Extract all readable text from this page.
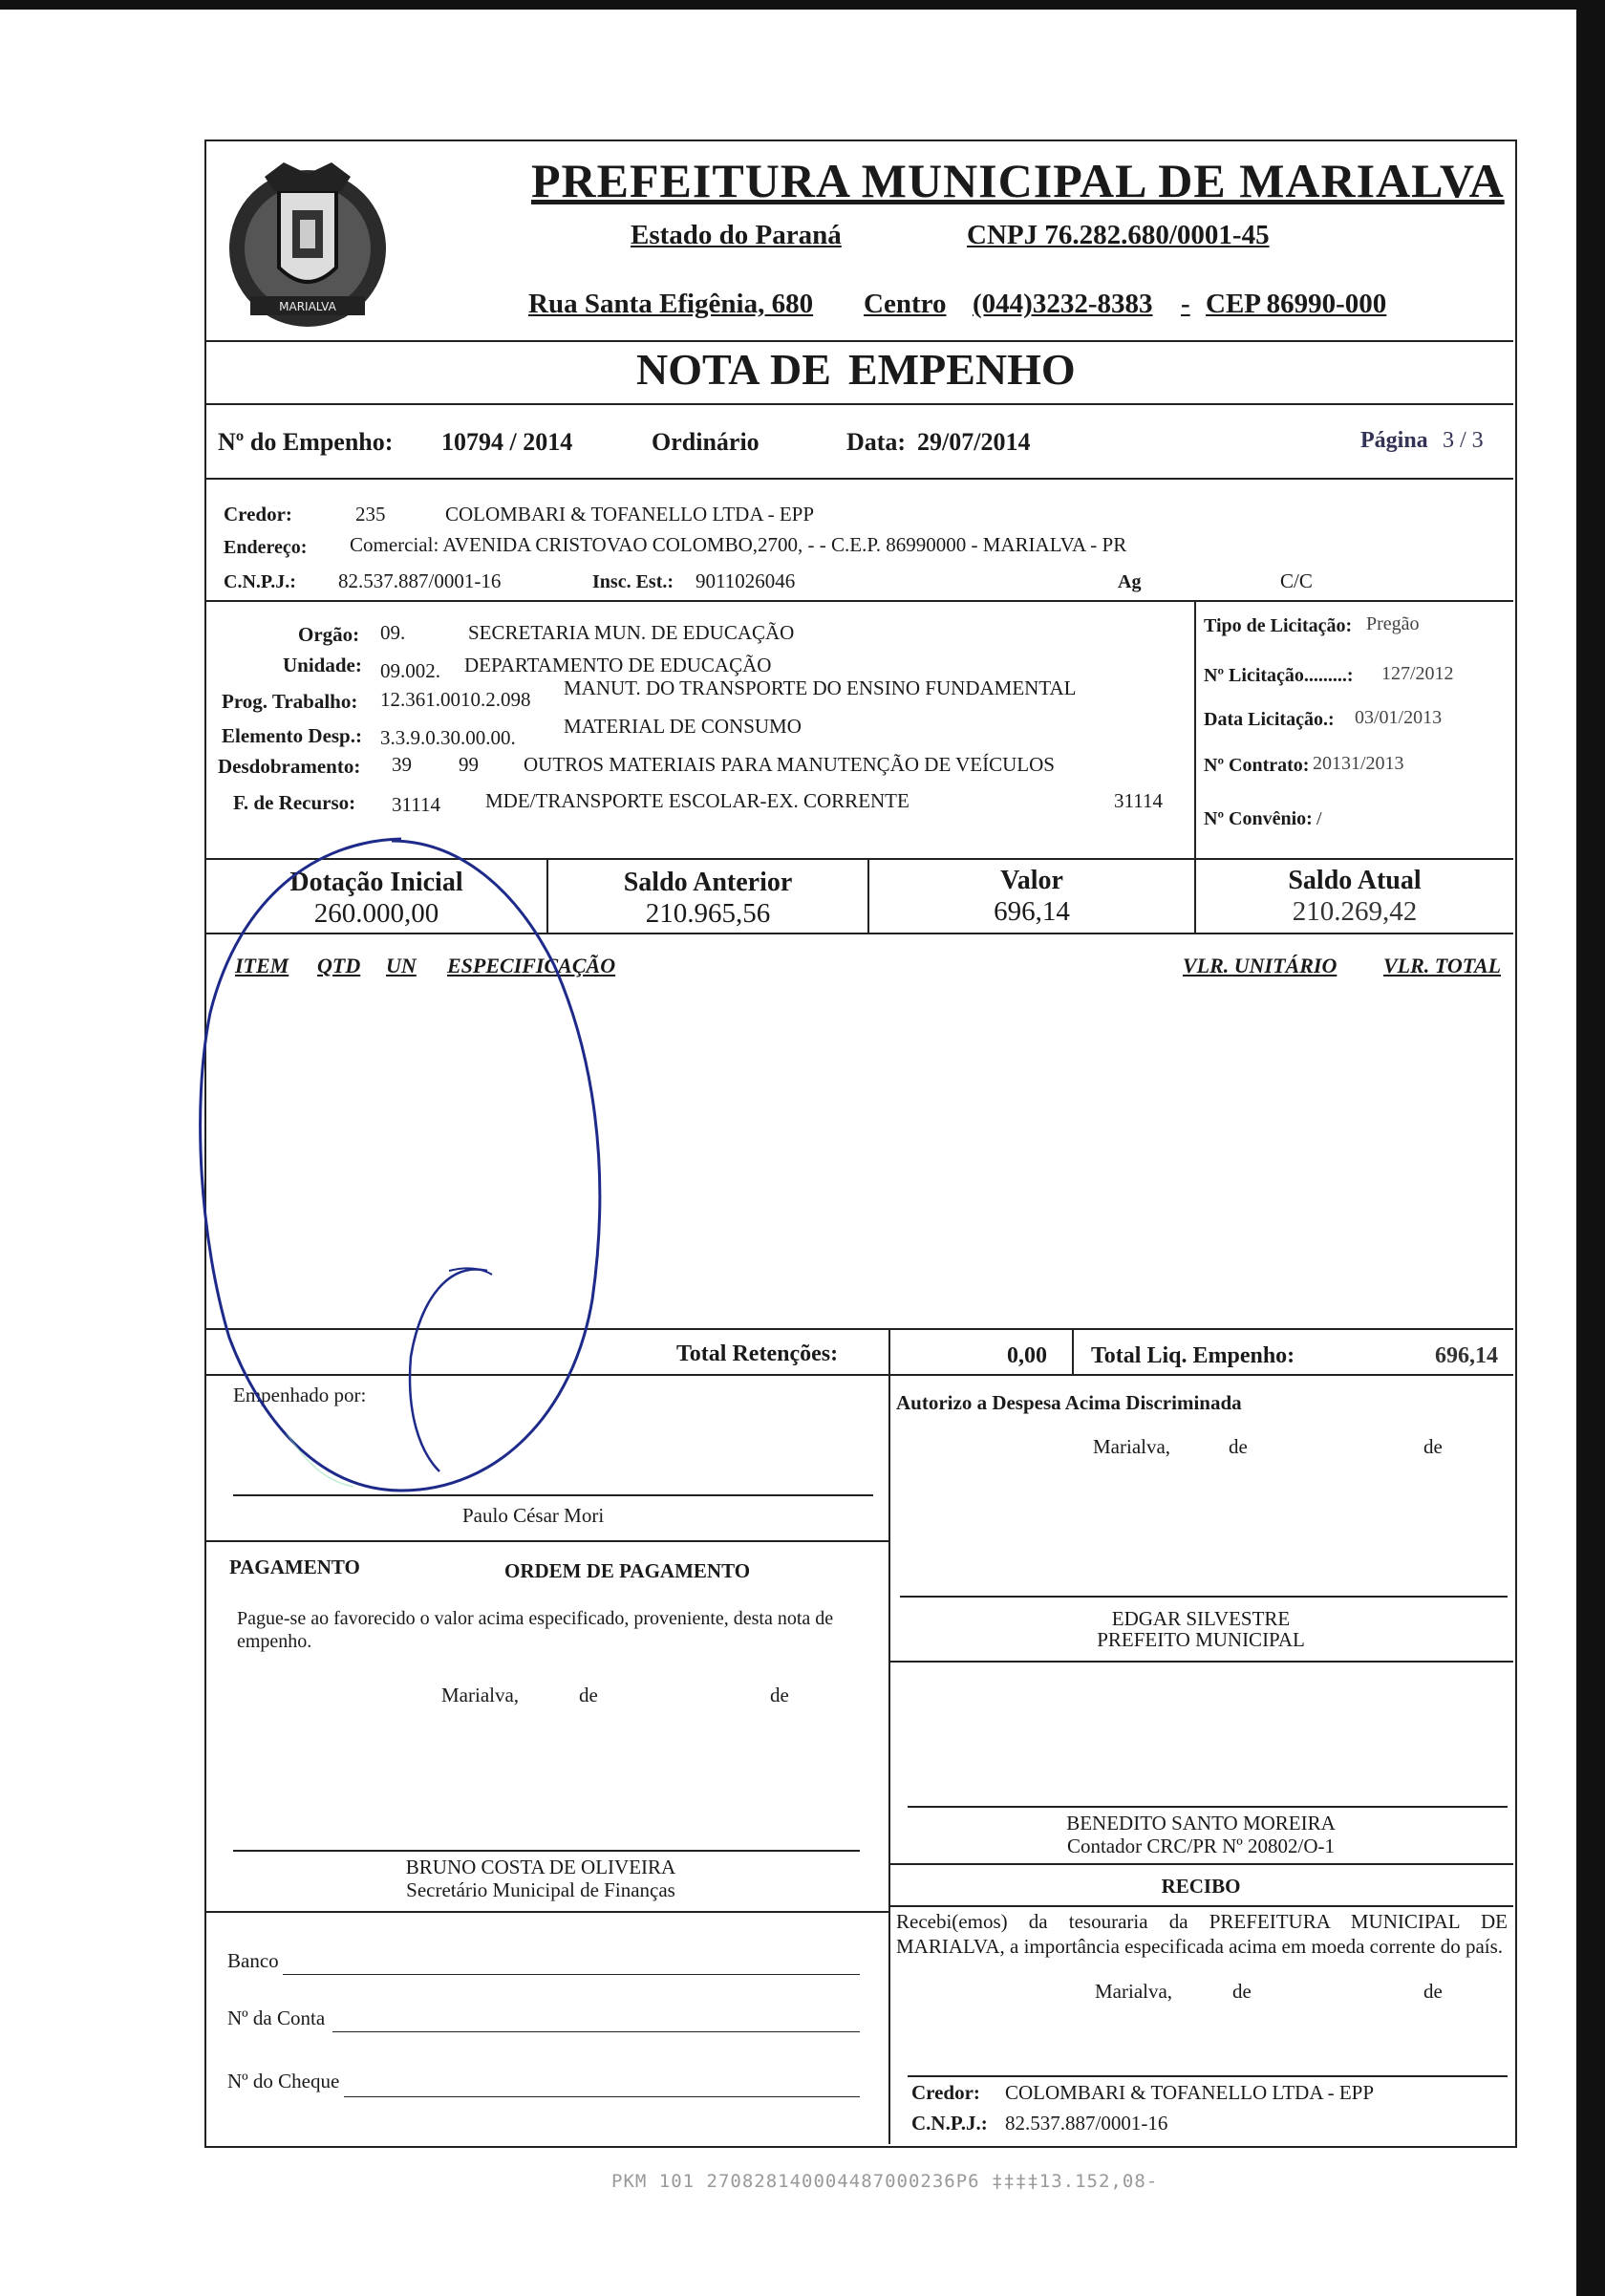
MARIALVA
PREFEITURA MUNICIPAL DE MARIALVA
Estado do Paraná	CNPJ 76.282.680/0001-45
Rua Santa Efigênia, 680 Centro (044)3232-8383 - CEP 86990-000
NOTA DE EMPENHO
Nº do Empenho: 10794 / 2014	Ordinário	Data: 29/07/2014	Página 3 / 3
Credor:	235	COLOMBARI & TOFANELLO LTDA - EPP
Endereço: Comercial: AVENIDA CRISTOVAO COLOMBO,2700, - - C.E.P. 86990000 - MARIALVA - PR
C.N.P.J.: 82.537.887/0001-16	Insc. Est.: 9011026046	Ag	C/C
Orgão: 09.	SECRETARIA MUN. DE EDUCAÇÃO
Unidade: 09.002. DEPARTAMENTO DE EDUCAÇÃO
Prog. Trabalho: 12.361.0010.2.098 MANUT. DO TRANSPORTE DO ENSINO FUNDAMENTAL
Elemento Desp.: 3.3.9.0.30.00.00. MATERIAL DE CONSUMO
Desdobramento: 39 99 OUTROS MATERIAIS PARA MANUTENÇÃO DE VEÍCULOS
F. de Recurso: 31114 MDE/TRANSPORTE ESCOLAR-EX. CORRENTE	31114
Tipo de Licitação: Pregão
Nº Licitação.........: 127/2012
Data Licitação.: 03/01/2013
Nº Contrato: 20131/2013
Nº Convênio: /
Dotação Inicial
260.000,00
Saldo Anterior
210.965,56
Valor
696,14
Saldo Atual
210.269,42
ITEM QTD UN ESPECIFICAÇÃO	VLR. UNITÁRIO VLR. TOTAL
Total Retenções:	0,00 Total Liq. Empenho:	696,14
Empenhado por:
Paulo César Mori
Autorizo a Despesa Acima Discriminada
Marialva,	de	de
PAGAMENTO	ORDEM DE PAGAMENTO
Pague-se ao favorecido o valor acima especificado, proveniente, desta nota de empenho.
Marialva,	de	de
EDGAR SILVESTRE
PREFEITO MUNICIPAL
BENEDITO SANTO MOREIRA
Contador CRC/PR Nº 20802/O-1
BRUNO COSTA DE OLIVEIRA
Secretário Municipal de Finanças	RECIBO
Recebi(emos) da tesouraria da PREFEITURA MUNICIPAL DE MARIALVA, a importância especificada acima em moeda corrente do país.
Marialva,	de	de
Banco
Nº da Conta
Nº do Cheque	Credor: COLOMBARI & TOFANELLO LTDA - EPP
C.N.P.J.: 82.537.887/0001-16
PKM 101 270828140004487000236P6 ‡‡‡‡13.152,08-
